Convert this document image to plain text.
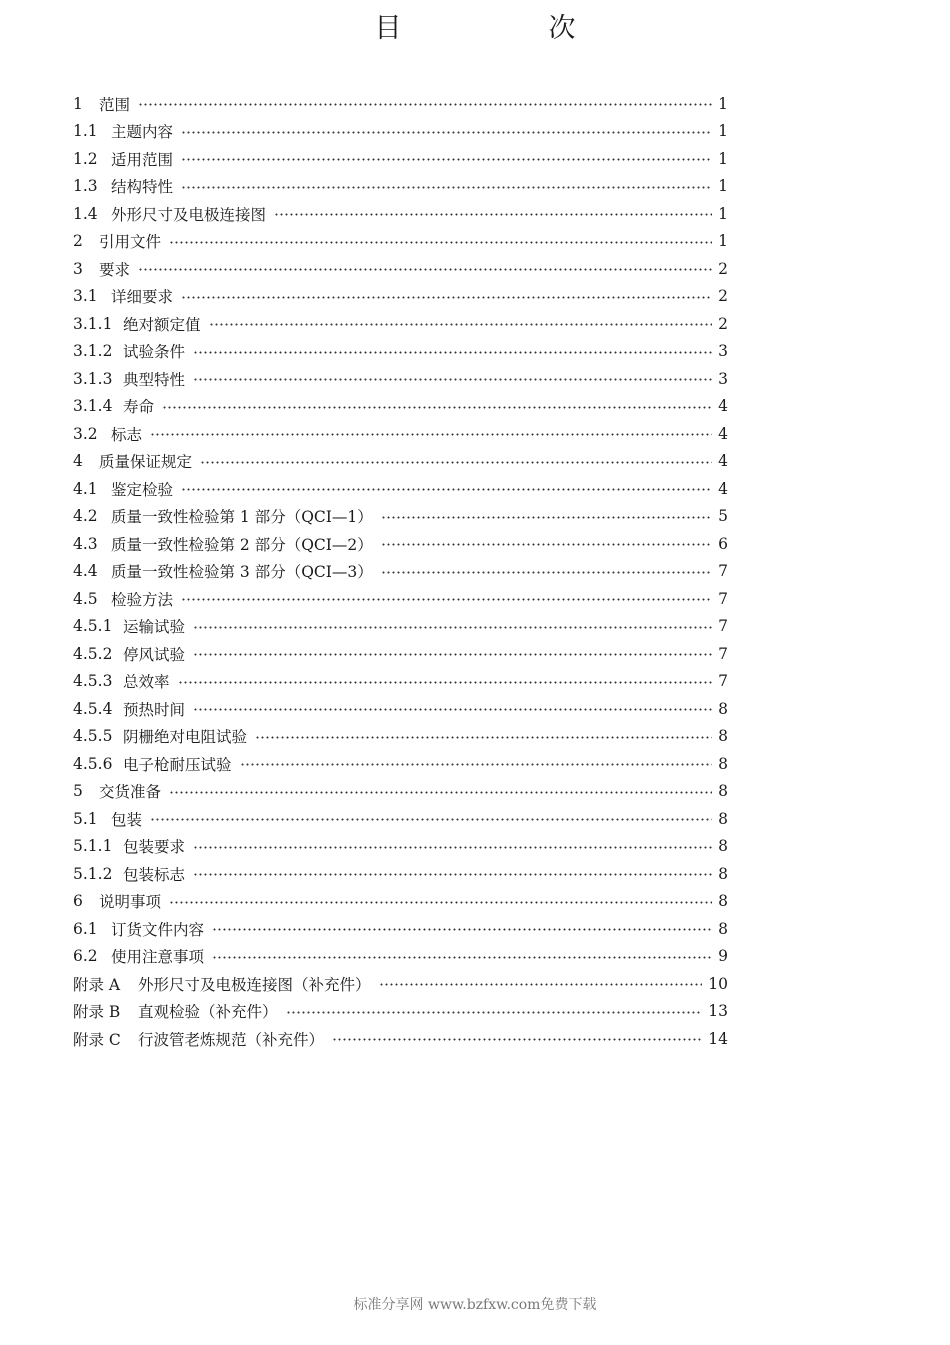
目　次
1	范围	1
1.1 主题内容	1
1.2 适用范围	1
1.3 结构特性	1
1.4 外形尺寸及电极连接图	1
2	引用文件	1
3	要求	2
3.1 详细要求	2
3.1.1 绝对额定值	2
3.1.2 试验条件	3
3.1.3 典型特性	3
3.1.4 寿命	4
3.2 标志	4
4	质量保证规定	4
4.1 鉴定检验	4
4.2 质量一致性检验第 1 部分（QCI—1）	5
4.3 质量一致性检验第 2 部分（QCI—2）	6
4.4 质量一致性检验第 3 部分（QCI—3）	7
4.5 检验方法	7
4.5.1 运输试验	7
4.5.2 停风试验	7
4.5.3 总效率	7
4.5.4 预热时间	8
4.5.5 阴栅绝对电阻试验	8
4.5.6 电子枪耐压试验	8
5	交货准备	8
5.1 包装	8
5.1.1 包装要求	8
5.1.2 包装标志	8
6	说明事项	8
6.1 订货文件内容	8
6.2 使用注意事项	9
附录 A	外形尺寸及电极连接图（补充件）	10
附录 B	直观检验（补充件）	13
附录 C	行波管老炼规范（补充件）	14
标准分享网 www.bzfxw.com免费下载
